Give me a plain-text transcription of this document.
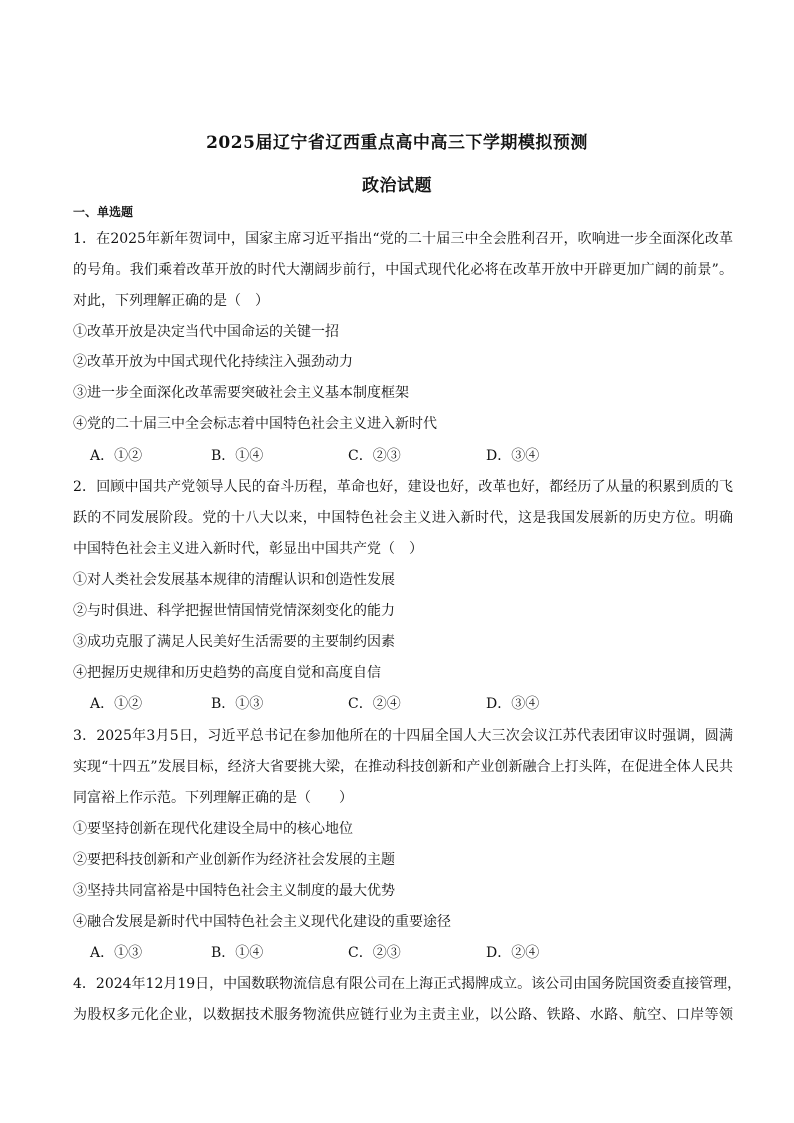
2025届辽宁省辽西重点高中高三下学期模拟预测
政治试题
一、单选题
1．在2025年新年贺词中，国家主席习近平指出“党的二十届三中全会胜利召开，吹响进一步全面深化改革
的号角。我们乘着改革开放的时代大潮阔步前行，中国式现代化必将在改革开放中开辟更加广阔的前景”。
对此，下列理解正确的是（　）
①改革开放是决定当代中国命运的关键一招
②改革开放为中国式现代化持续注入强劲动力
③进一步全面深化改革需要突破社会主义基本制度框架
④党的二十届三中全会标志着中国特色社会主义进入新时代
A．①②	B．①④	C．②③	D．③④
2．回顾中国共产党领导人民的奋斗历程，革命也好，建设也好，改革也好，都经历了从量的积累到质的飞
跃的不同发展阶段。党的十八大以来，中国特色社会主义进入新时代，这是我国发展新的历史方位。明确
中国特色社会主义进入新时代，彰显出中国共产党（　）
①对人类社会发展基本规律的清醒认识和创造性发展
②与时俱进、科学把握世情国情党情深刻变化的能力
③成功克服了满足人民美好生活需要的主要制约因素
④把握历史规律和历史趋势的高度自觉和高度自信
A．①②	B．①③	C．②④	D．③④
3．2025年3月5日，习近平总书记在参加他所在的十四届全国人大三次会议江苏代表团审议时强调，圆满
实现“十四五”发展目标，经济大省要挑大梁，在推动科技创新和产业创新融合上打头阵，在促进全体人民共
同富裕上作示范。下列理解正确的是（　　）
①要坚持创新在现代化建设全局中的核心地位
②要把科技创新和产业创新作为经济社会发展的主题
③坚持共同富裕是中国特色社会主义制度的最大优势
④融合发展是新时代中国特色社会主义现代化建设的重要途径
A．①③	B．①④	C．②③	D．②④
4．2024年12月19日，中国数联物流信息有限公司在上海正式揭牌成立。该公司由国务院国资委直接管理，
为股权多元化企业，以数据技术服务物流供应链行业为主责主业，以公路、铁路、水路、航空、口岸等领
